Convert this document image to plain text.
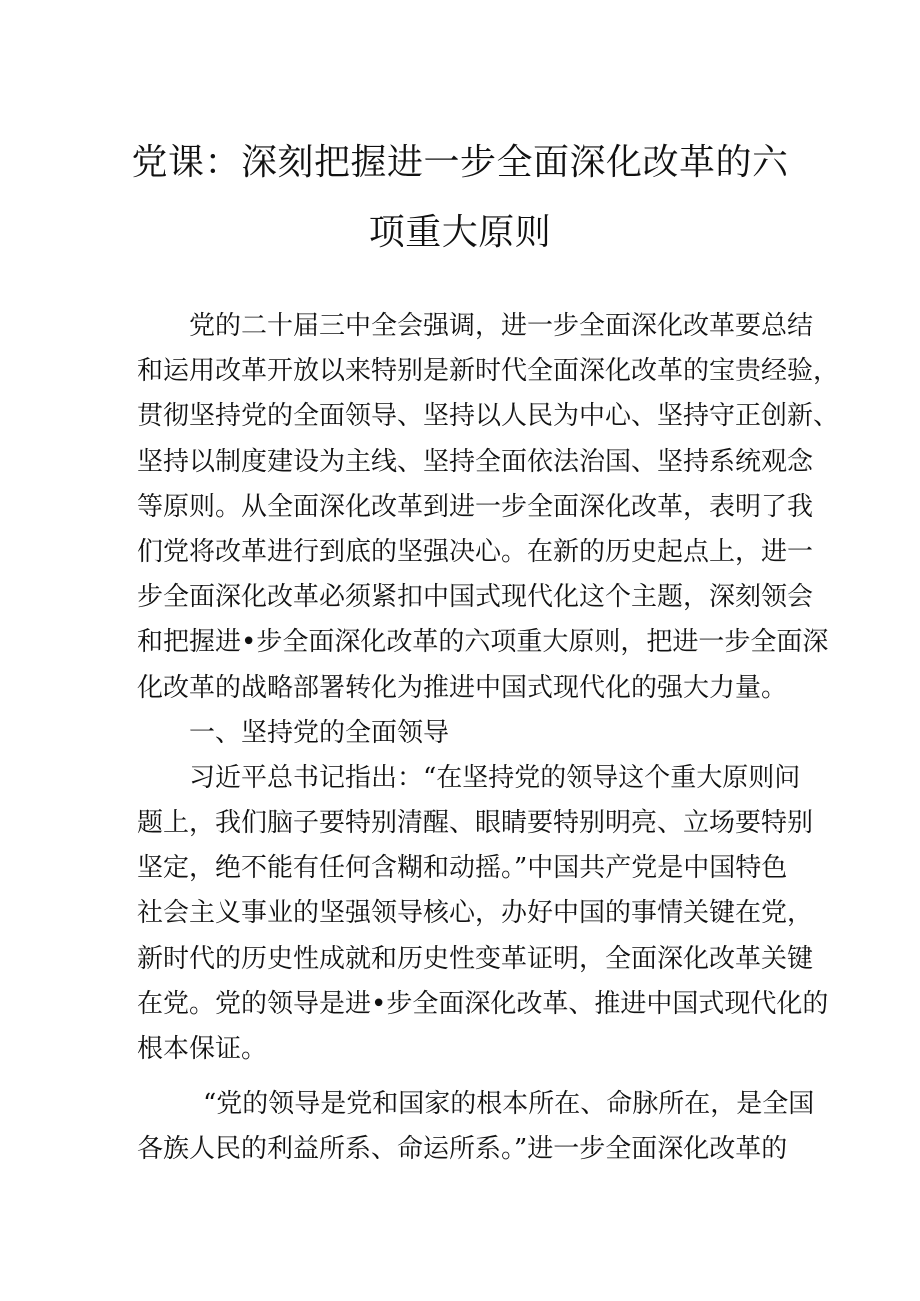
党课：深刻把握进一步全面深化改革的六
项重大原则
党的二十届三中全会强调，进一步全面深化改革要总结
和运用改革开放以来特别是新时代全面深化改革的宝贵经验，
贯彻坚持党的全面领导、坚持以人民为中心、坚持守正创新、
坚持以制度建设为主线、坚持全面依法治国、坚持系统观念
等原则。从全面深化改革到进一步全面深化改革，表明了我
们党将改革进行到底的坚强决心。在新的历史起点上，进一
步全面深化改革必须紧扣中国式现代化这个主题，深刻领会
和把握进•步全面深化改革的六项重大原则，把进一步全面深
化改革的战略部署转化为推进中国式现代化的强大力量。
一、坚持党的全面领导
习近平总书记指出：“在坚持党的领导这个重大原则问
题上，我们脑子要特别清醒、眼睛要特别明亮、立场要特别
坚定，绝不能有任何含糊和动摇。”中国共产党是中国特色
社会主义事业的坚强领导核心，办好中国的事情关键在党，
新时代的历史性成就和历史性变革证明，全面深化改革关键
在党。党的领导是进•步全面深化改革、推进中国式现代化的
根本保证。
“党的领导是党和国家的根本所在、命脉所在，是全国
各族人民的利益所系、命运所系。”进一步全面深化改革的
